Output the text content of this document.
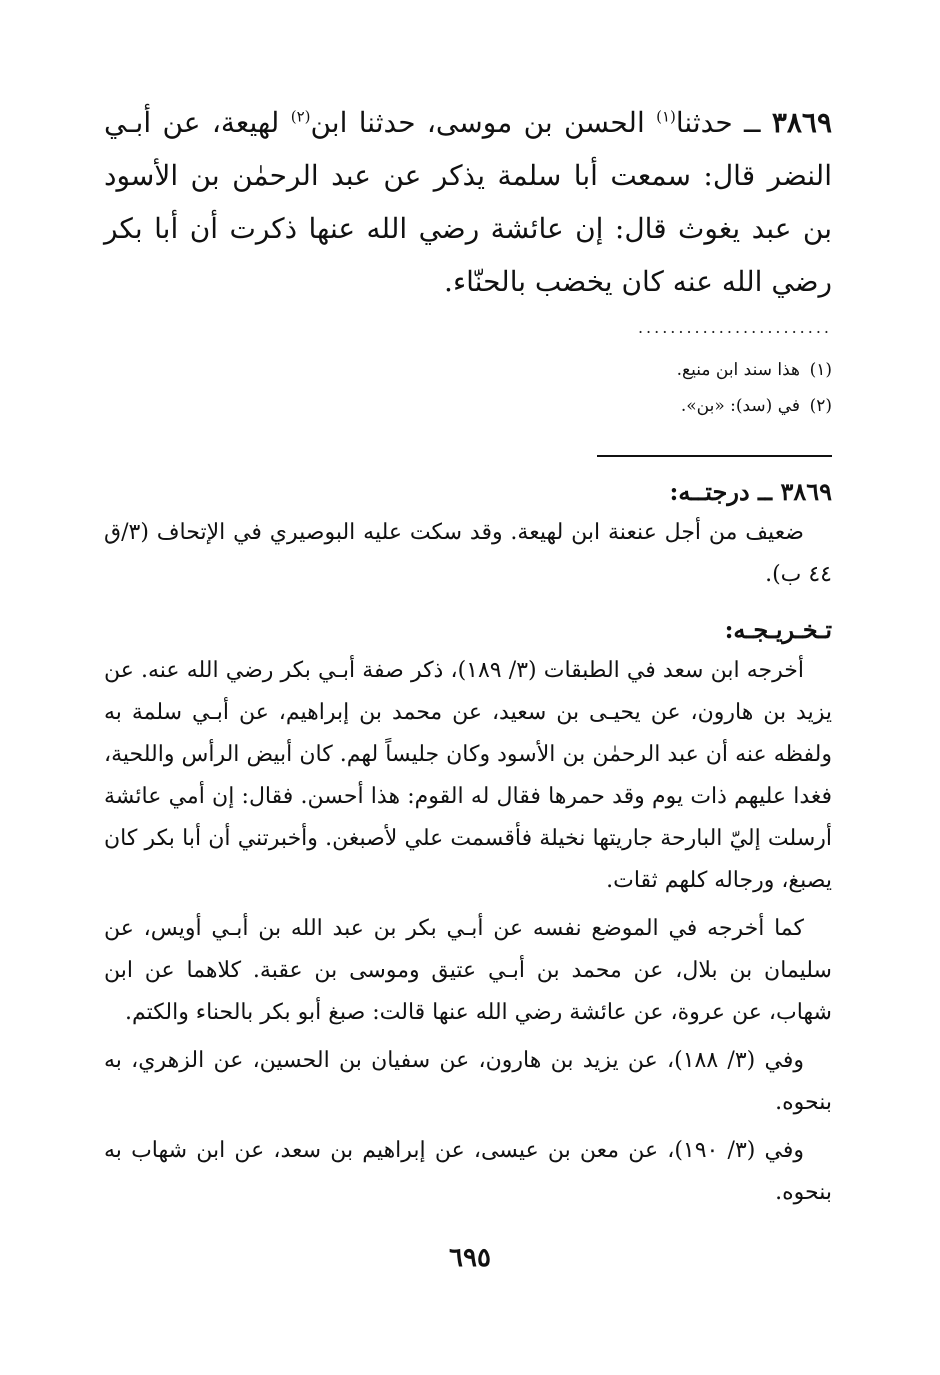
٣٨٦٩ ــ حدثنا$^{(١)}$ الحسن بن موسى، حدثنا ابن$^{(٢)}$ لهيعة، عن أبـي النضر قال: سمعت أبا سلمة يذكر عن عبد الرحمٰن بن الأسود بن عبد يغوث قال: إن عائشة رضي الله عنها ذكرت أن أبا بكر رضي الله عنه كان يخضب بالحنّاء.

........................
(١)هذا سند ابن منيع.
(٢)في (سد): «بن».

٣٨٦٩ ــ درجتــه:

ضعيف من أجل عنعنة ابن لهيعة. وقد سكت عليه البوصيري في الإتحاف (٣/ق ٤٤ ب).

تـخـريـجـه:

أخرجه ابن سعد في الطبقات (٣/ ١٨٩)، ذكر صفة أبـي بكر رضي الله عنه. عن يزيد بن هارون، عن يحيـى بن سعيد، عن محمد بن إبراهيم، عن أبـي سلمة به ولفظه عنه أن عبد الرحمٰن بن الأسود وكان جليساً لهم. كان أبيض الرأس واللحية، فغدا عليهم ذات يوم وقد حمرها فقال له القوم: هذا أحسن. فقال: إن أمي عائشة أرسلت إليّ البارحة جاريتها نخيلة فأقسمت علي لأصبغن. وأخبرتني أن أبا بكر كان يصبغ، ورجاله كلهم ثقات.

كما أخرجه في الموضع نفسه عن أبـي بكر بن عبد الله بن أبـي أويس، عن سليمان بن بلال، عن محمد بن أبـي عتيق وموسى بن عقبة. كلاهما عن ابن شهاب، عن عروة، عن عائشة رضي الله عنها قالت: صبغ أبو بكر بالحناء والكتم.

وفي (٣/ ١٨٨)، عن يزيد بن هارون، عن سفيان بن الحسين، عن الزهري، به بنحوه.

وفي (٣/ ١٩٠)، عن معن بن عيسى، عن إبراهيم بن سعد، عن ابن شهاب به بنحوه.

٦٩٥
